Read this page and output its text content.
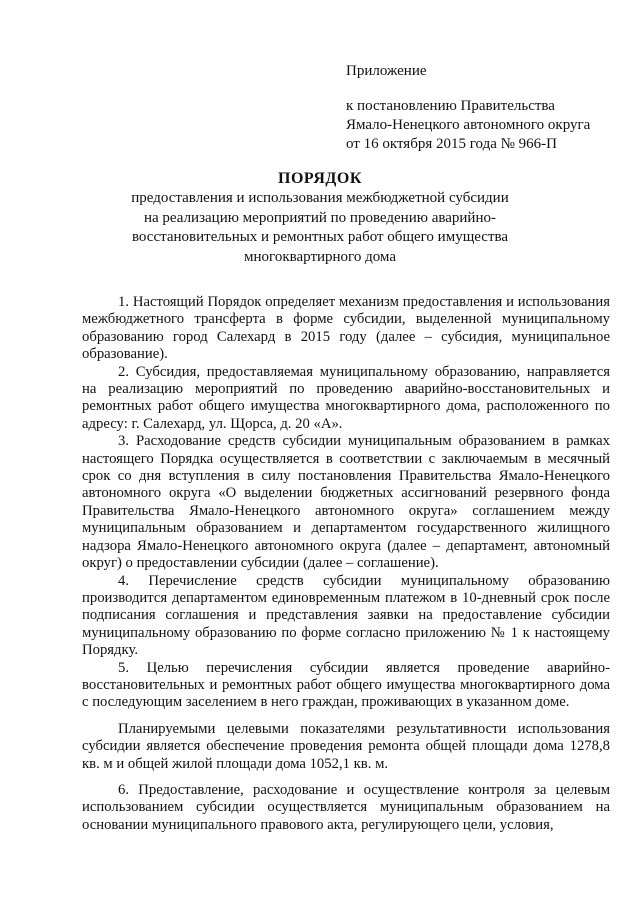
Приложение
к постановлению Правительства
Ямало-Ненецкого автономного округа
от 16 октября 2015 года № 966-П
ПОРЯДОК
предоставления и использования межбюджетной субсидии
на реализацию мероприятий по проведению аварийно-
восстановительных и ремонтных работ общего имущества
многоквартирного дома

1. Настоящий Порядок определяет механизм предоставления и использования межбюджетного трансферта в форме субсидии, выделенной муниципальному образованию город Салехард в 2015 году (далее – субсидия, муниципальное образование).

2. Субсидия, предоставляемая муниципальному образованию, направляется на реализацию мероприятий по проведению аварийно-восстановительных и ремонтных работ общего имущества многоквартирного дома, расположенного по адресу: г. Салехард, ул. Щорса, д. 20 «А».

3. Расходование средств субсидии муниципальным образованием в рамках настоящего Порядка осуществляется в соответствии с заключаемым в месячный срок со дня вступления в силу постановления Правительства Ямало-Ненецкого автономного округа «О выделении бюджетных ассигнований резервного фонда Правительства Ямало-Ненецкого автономного округа» соглашением между муниципальным образованием и департаментом государственного жилищного надзора Ямало-Ненецкого автономного округа (далее – департамент, автономный округ) о предоставлении субсидии (далее – соглашение).

4. Перечисление средств субсидии муниципальному образованию производится департаментом единовременным платежом в 10-дневный срок после подписания соглашения и представления заявки на предоставление субсидии муниципальному образованию по форме согласно приложению № 1 к настоящему Порядку.

5. Целью перечисления субсидии является проведение аварийно-восстановительных и ремонтных работ общего имущества многоквартирного дома с последующим заселением в него граждан, проживающих в указанном доме.

Планируемыми целевыми показателями результативности использования субсидии является обеспечение проведения ремонта общей площади дома 1278,8 кв. м и общей жилой площади дома 1052,1 кв. м.

6. Предоставление, расходование и осуществление контроля за целевым использованием субсидии осуществляется муниципальным образованием на основании муниципального правового акта, регулирующего цели, условия,
